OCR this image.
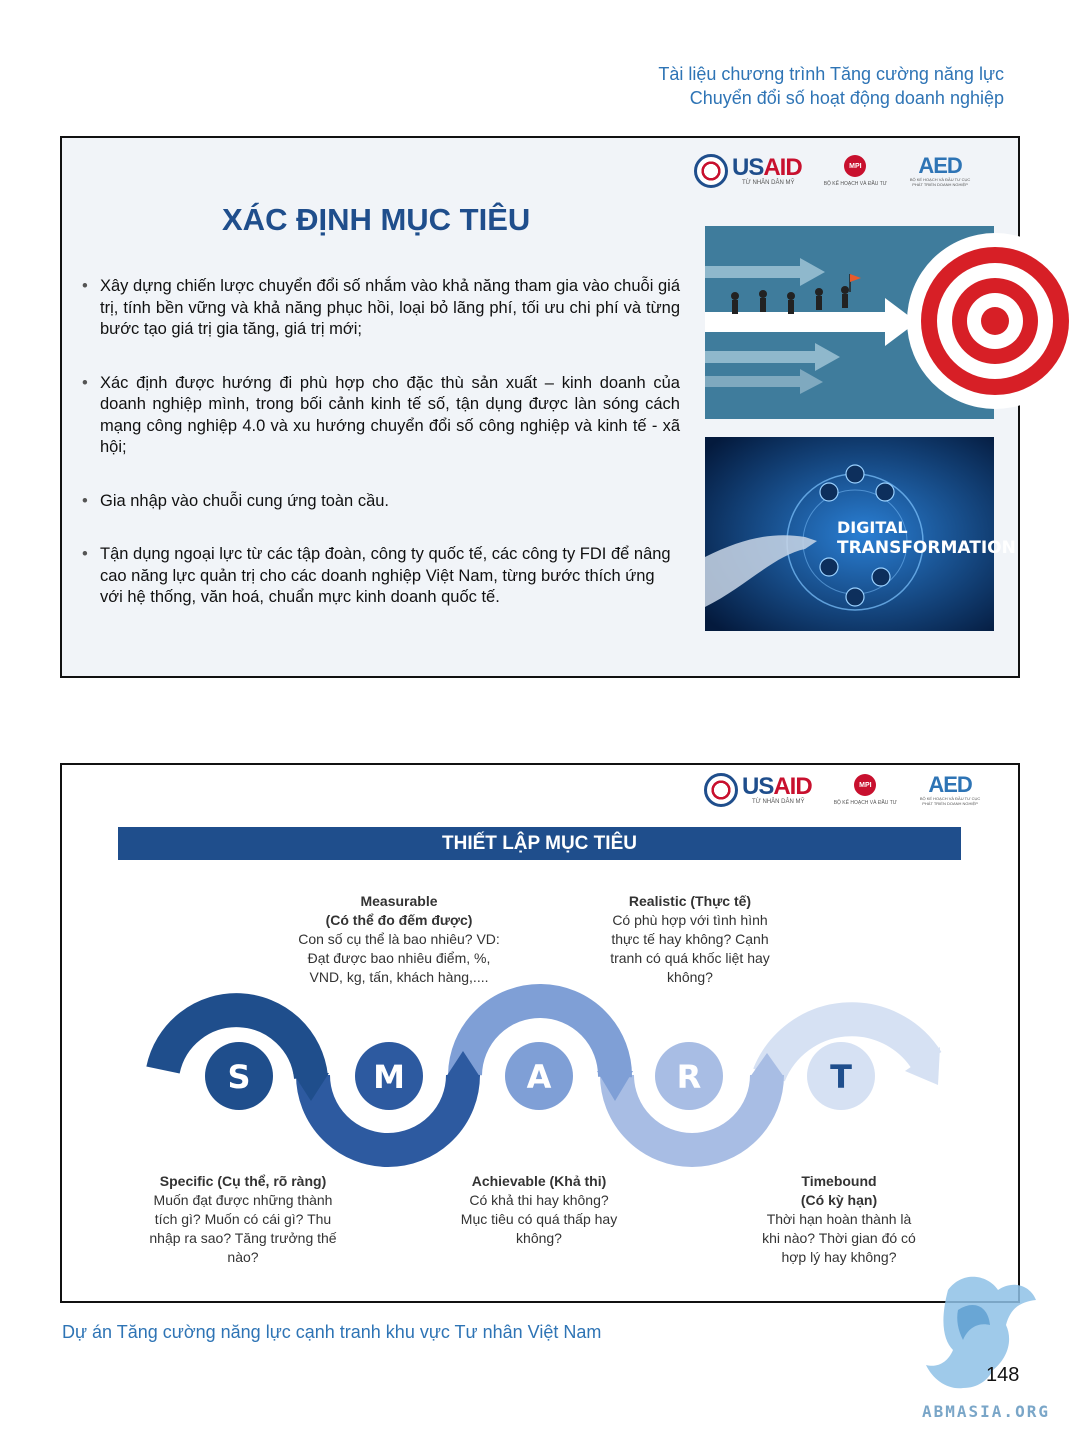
Tài liệu chương trình Tăng cường năng lực
Chuyển đổi số hoạt động doanh nghiệp
USAID
TỪ NHÂN DÂN MỸ
MPI
BỘ KẾ HOẠCH VÀ ĐẦU TƯ
AED
BỘ KẾ HOẠCH VÀ ĐẦU TƯ CỤC PHÁT TRIỂN DOANH NGHIỆP
XÁC ĐỊNH MỤC TIÊU
• Xây dựng chiến lược chuyển đổi số nhắm vào khả năng tham gia vào chuỗi giá trị, tính bền vững và khả năng phục hồi, loại bỏ lãng phí, tối ưu chi phí và từng bước tạo giá trị gia tăng, giá trị mới;
• Xác định được hướng đi phù hợp cho đặc thù sản xuất – kinh doanh của doanh nghiệp mình, trong bối cảnh kinh tế số, tận dụng được làn sóng cách mạng công nghiệp 4.0 và xu hướng chuyển đổi số công nghiệp và kinh tế - xã hội;
• Gia nhập vào chuỗi cung ứng toàn cầu.
• Tận dụng ngoại lực từ các tập đoàn, công ty quốc tế, các công ty FDI để nâng cao năng lực quản trị cho các doanh nghiệp Việt Nam, từng bước thích ứng với hệ thống, văn hoá, chuẩn mực kinh doanh quốc tế.
DIGITAL
TRANSFORMATION
USAID
TỪ NHÂN DÂN MỸ
MPI
BỘ KẾ HOẠCH VÀ ĐẦU TƯ
AED
BỘ KẾ HOẠCH VÀ ĐẦU TƯ CỤC PHÁT TRIỂN DOANH NGHIỆP
THIẾT LẬP MỤC TIÊU
S	M	A	R	T
Measurable
(Có thể đo đếm được)
Con số cụ thể là bao nhiêu? VD:
Đạt được bao nhiêu điểm, %,
VND, kg, tấn, khách hàng,....
Realistic (Thực tế)
Có phù hợp với tình hình
thực tế hay không? Cạnh
tranh có quá khốc liệt hay
không?
Specific (Cụ thể, rõ ràng)
Muốn đạt được những thành
tích gì? Muốn có cái gì? Thu
nhập ra sao? Tăng trưởng thế
nào?
Achievable (Khả thi)
Có khả thi hay không?
Mục tiêu có quá thấp hay
không?
Timebound
(Có kỳ hạn)
Thời hạn hoàn thành là
khi nào? Thời gian đó có
hợp lý hay không?
Dự án Tăng cường năng lực cạnh tranh khu vực Tư nhân Việt Nam
148
ABMASIA.ORG
